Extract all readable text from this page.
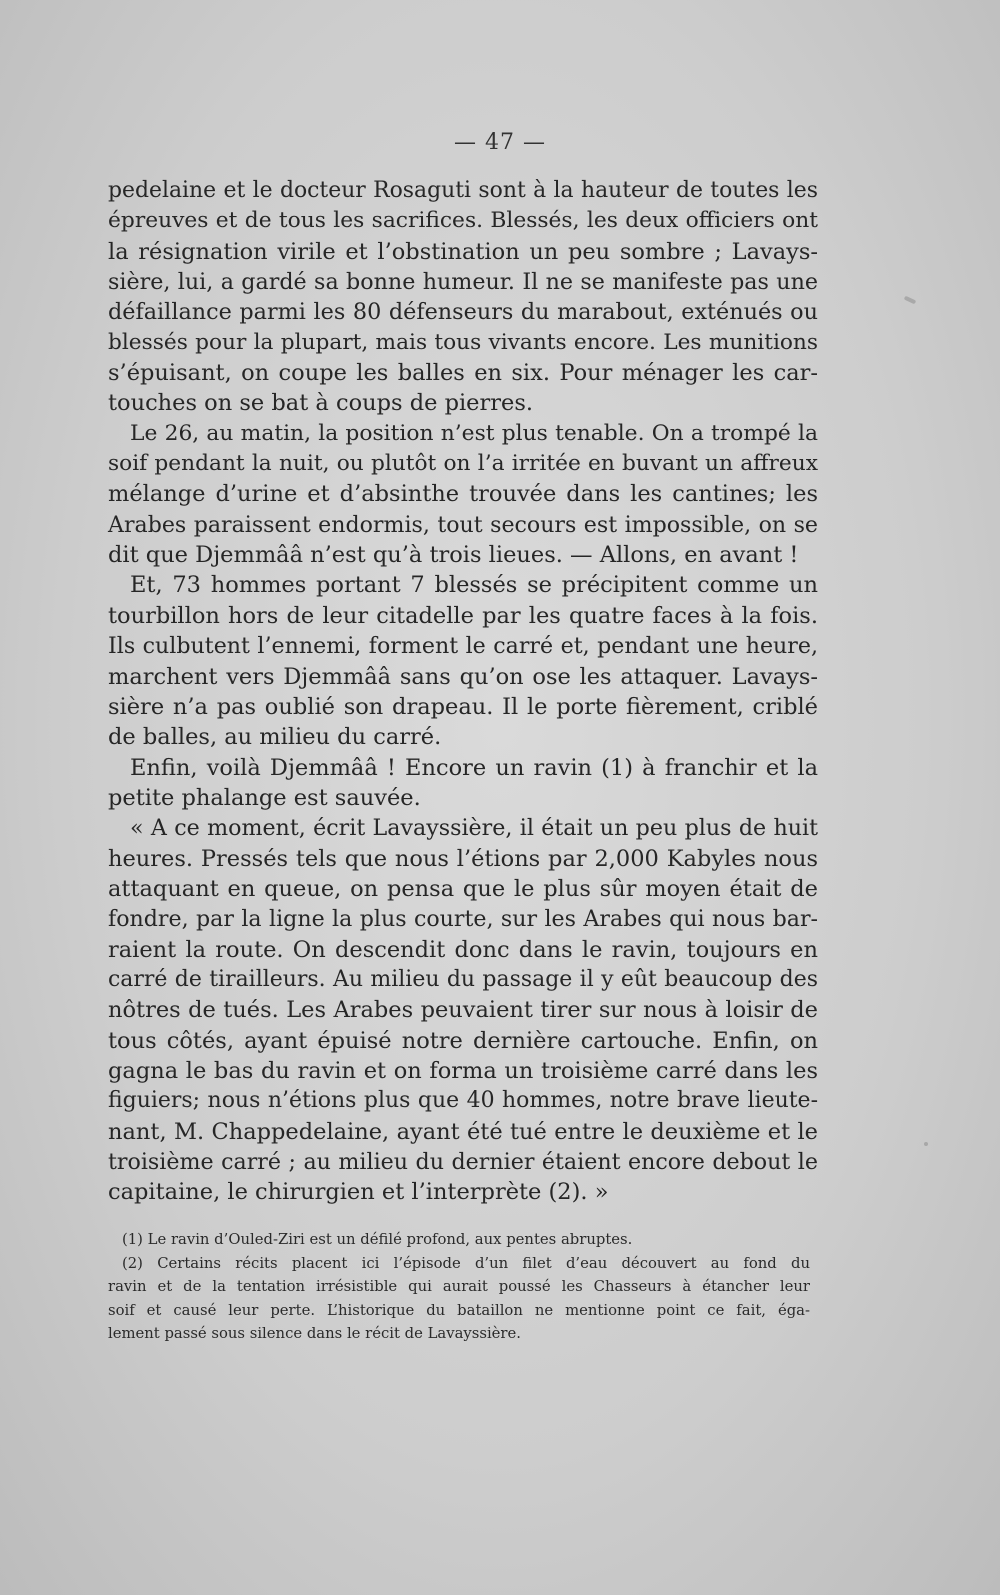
— 47 —
pedelaine et le docteur Rosaguti sont à la hauteur de toutes les
épreuves et de tous les sacrifices. Blessés, les deux officiers ont
la résignation virile et l’obstination un peu sombre ; Lavays-
sière, lui, a gardé sa bonne humeur. Il ne se manifeste pas une
défaillance parmi les 80 défenseurs du marabout, exténués ou
blessés pour la plupart, mais tous vivants encore. Les munitions
s’épuisant, on coupe les balles en six. Pour ménager les car-
touches on se bat à coups de pierres.
Le 26, au matin, la position n’est plus tenable. On a trompé la
soif pendant la nuit, ou plutôt on l’a irritée en buvant un affreux
mélange d’urine et d’absinthe trouvée dans les cantines; les
Arabes paraissent endormis, tout secours est impossible, on se
dit que Djemmââ n’est qu’à trois lieues. — Allons, en avant !
Et, 73 hommes portant 7 blessés se précipitent comme un
tourbillon hors de leur citadelle par les quatre faces à la fois.
Ils culbutent l’ennemi, forment le carré et, pendant une heure,
marchent vers Djemmââ sans qu’on ose les attaquer. Lavays-
sière n’a pas oublié son drapeau. Il le porte fièrement, criblé
de balles, au milieu du carré.
Enfin, voilà Djemmââ ! Encore un ravin (1) à franchir et la
petite phalange est sauvée.
« A ce moment, écrit Lavayssière, il était un peu plus de huit
heures. Pressés tels que nous l’étions par 2,000 Kabyles nous
attaquant en queue, on pensa que le plus sûr moyen était de
fondre, par la ligne la plus courte, sur les Arabes qui nous bar-
raient la route. On descendit donc dans le ravin, toujours en
carré de tirailleurs. Au milieu du passage il y eût beaucoup des
nôtres de tués. Les Arabes peuvaient tirer sur nous à loisir de
tous côtés, ayant épuisé notre dernière cartouche. Enfin, on
gagna le bas du ravin et on forma un troisième carré dans les
figuiers; nous n’étions plus que 40 hommes, notre brave lieute-
nant, M. Chappedelaine, ayant été tué entre le deuxième et le
troisième carré ; au milieu du dernier étaient encore debout le
capitaine, le chirurgien et l’interprète (2). »
(1) Le ravin d’Ouled-Ziri est un défilé profond, aux pentes abruptes.
(2) Certains récits placent ici l’épisode d’un filet d’eau découvert au fond du
ravin et de la tentation irrésistible qui aurait poussé les Chasseurs à étancher leur
soif et causé leur perte. L’historique du bataillon ne mentionne point ce fait, éga-
lement passé sous silence dans le récit de Lavayssière.
